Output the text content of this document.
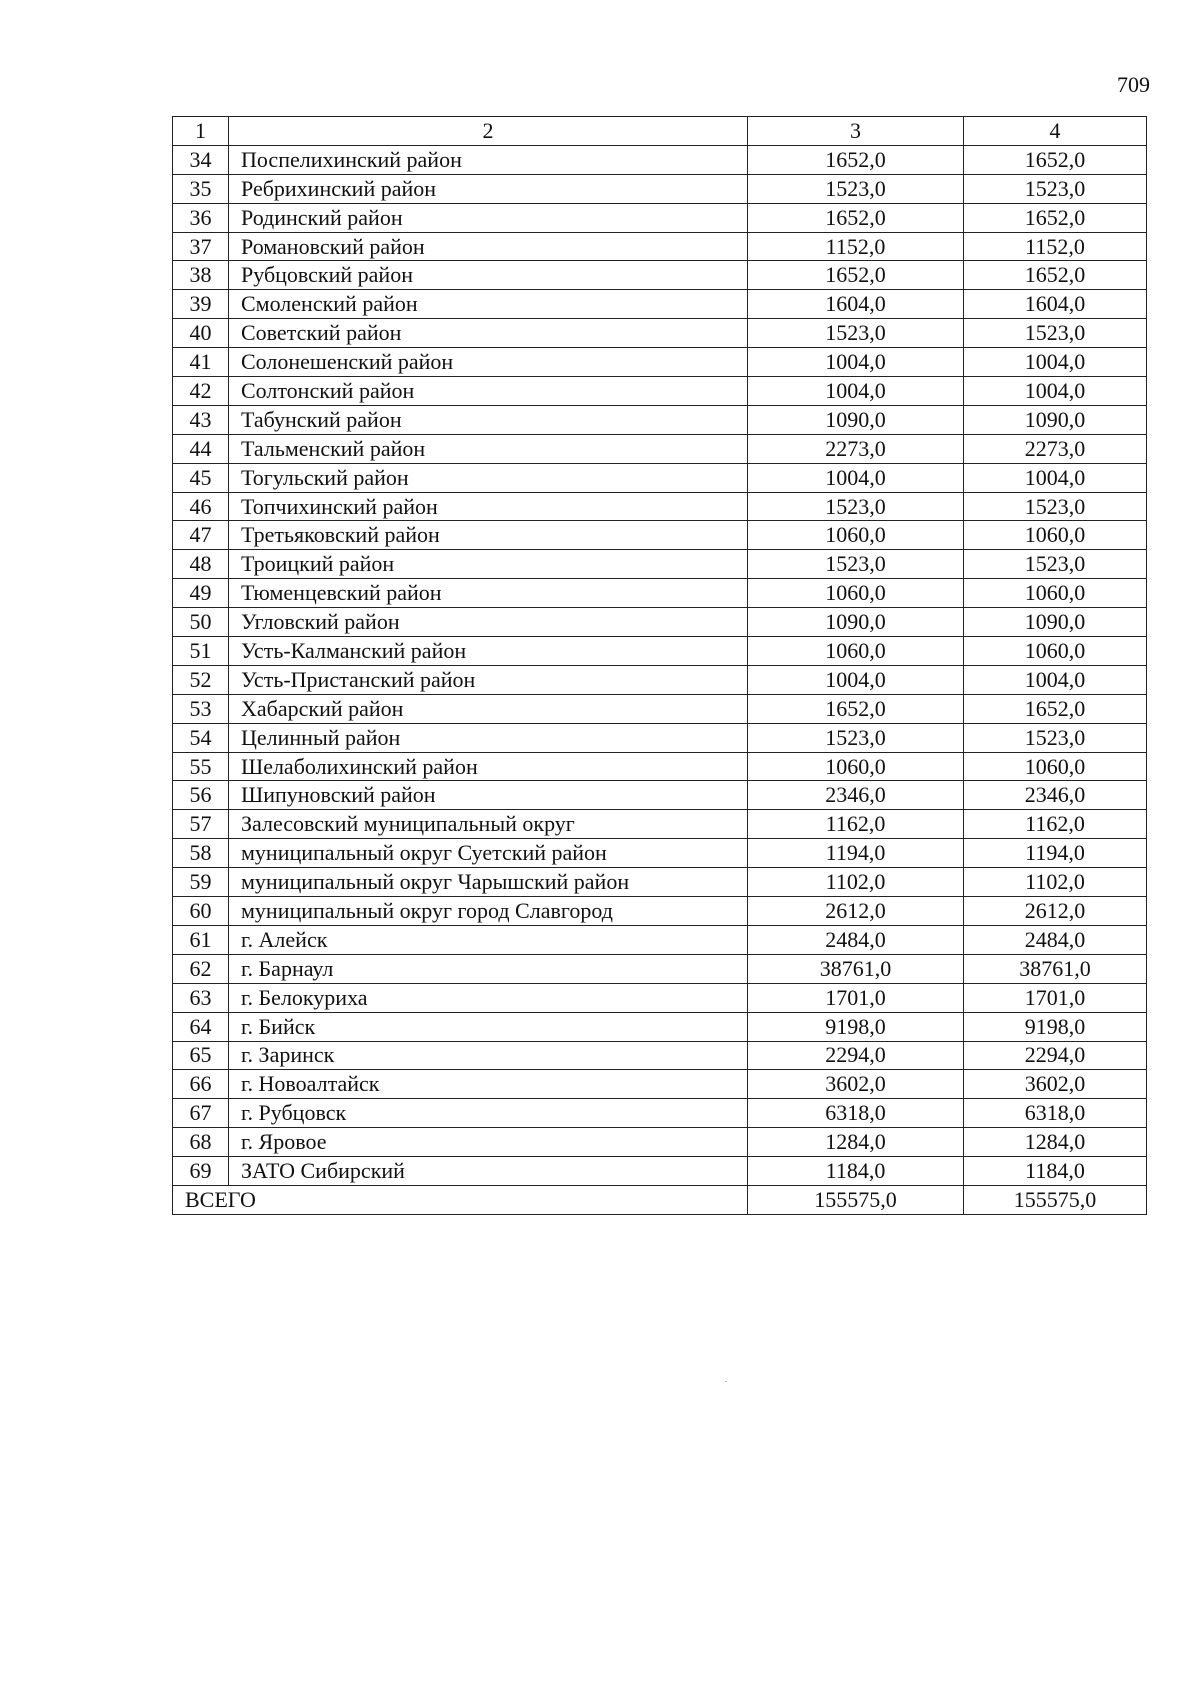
709
1	2	3	4
34	Поспелихинский район	1652,0	1652,0
35	Ребрихинский район	1523,0	1523,0
36	Родинский район	1652,0	1652,0
37	Романовский район	1152,0	1152,0
38	Рубцовский район	1652,0	1652,0
39	Смоленский район	1604,0	1604,0
40	Советский район	1523,0	1523,0
41	Солонешенский район	1004,0	1004,0
42	Солтонский район	1004,0	1004,0
43	Табунский район	1090,0	1090,0
44	Тальменский район	2273,0	2273,0
45	Тогульский район	1004,0	1004,0
46	Топчихинский район	1523,0	1523,0
47	Третьяковский район	1060,0	1060,0
48	Троицкий район	1523,0	1523,0
49	Тюменцевский район	1060,0	1060,0
50	Угловский район	1090,0	1090,0
51	Усть-Калманский район	1060,0	1060,0
52	Усть-Пристанский район	1004,0	1004,0
53	Хабарский район	1652,0	1652,0
54	Целинный район	1523,0	1523,0
55	Шелаболихинский район	1060,0	1060,0
56	Шипуновский район	2346,0	2346,0
57	Залесовский муниципальный округ	1162,0	1162,0
58	муниципальный округ Суетский район	1194,0	1194,0
59	муниципальный округ Чарышский район	1102,0	1102,0
60	муниципальный округ город Славгород	2612,0	2612,0
61	г. Алейск	2484,0	2484,0
62	г. Барнаул	38761,0	38761,0
63	г. Белокуриха	1701,0	1701,0
64	г. Бийск	9198,0	9198,0
65	г. Заринск	2294,0	2294,0
66	г. Новоалтайск	3602,0	3602,0
67	г. Рубцовск	6318,0	6318,0
68	г. Яровое	1284,0	1284,0
69	ЗАТО Сибирский	1184,0	1184,0
ВСЕГО		155575,0	155575,0
